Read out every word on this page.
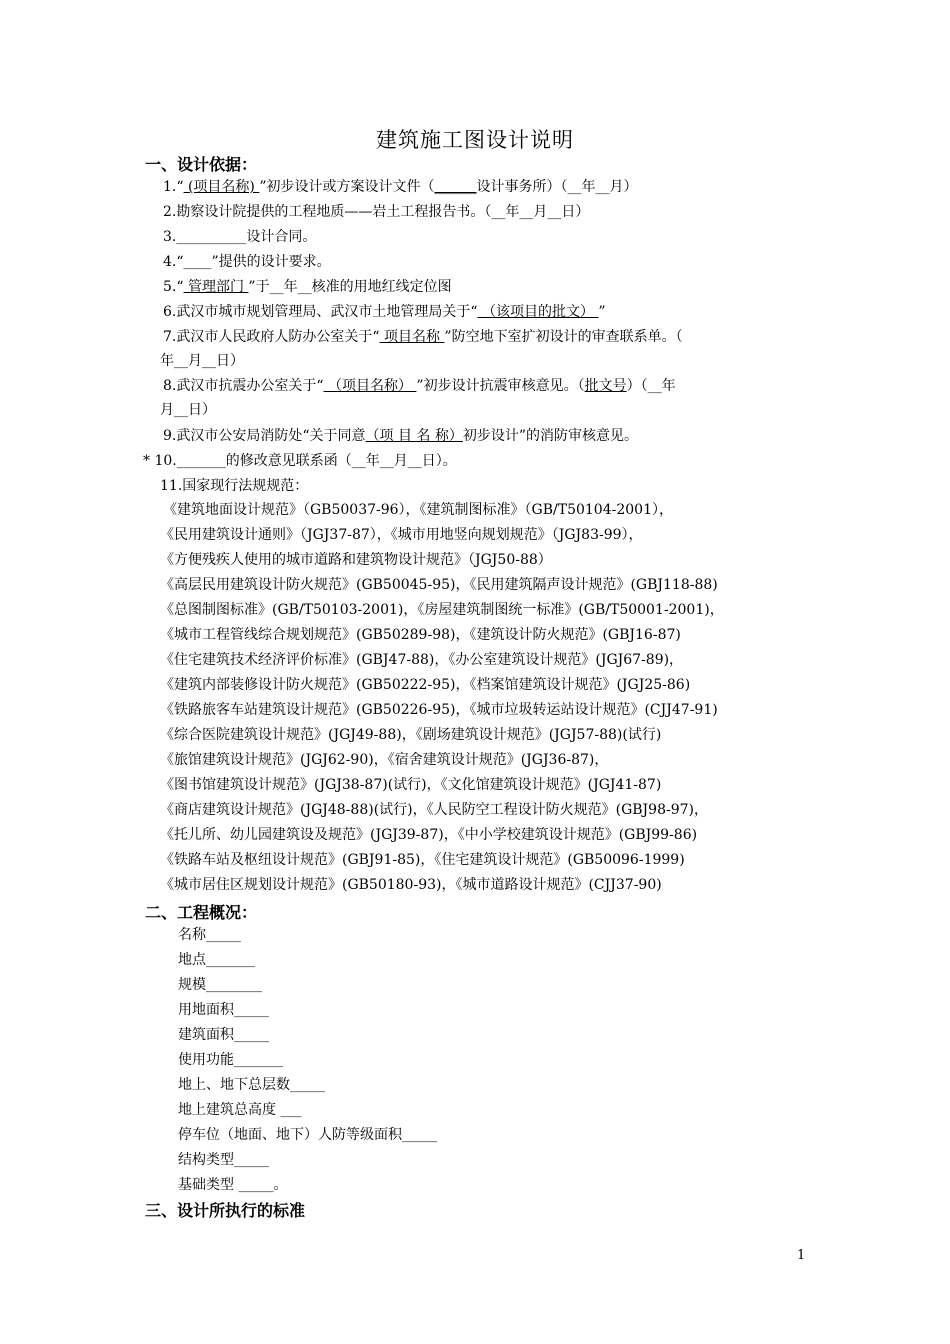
建筑施工图设计说明
一、设计依据：
1.“ (项目名称) ”初步设计或方案设计文件（______设计事务所）（__年__月）
2.勘察设计院提供的工程地质——岩土工程报告书。（__年__月__日）
3.__________设计合同。
4.“____”提供的设计要求。
5.“ 管理部门 ”于__年__核准的用地红线定位图
6.武汉市城市规划管理局、武汉市土地管理局关于“ （该项目的批文） ”
7.武汉市人民政府人防办公室关于“ 项目名称 ”防空地下室扩初设计的审查联系单。（
年__月__日）
8.武汉市抗震办公室关于“ （项目名称） ”初步设计抗震审核意见。（批文号）（__年
月__日）
9.武汉市公安局消防处“关于同意（项 目 名 称）初步设计”的消防审核意见。
* 10._______的修改意见联系函（__年__月__日）。
11.国家现行法规规范：
《建筑地面设计规范》（GB50037-96），《建筑制图标准》（GB/T50104-2001），
《民用建筑设计通则》（JGJ37-87），《城市用地竖向规划规范》（JGJ83-99），
《方便残疾人使用的城市道路和建筑物设计规范》（JGJ50-88）
《高层民用建筑设计防火规范》(GB50045-95)，《民用建筑隔声设计规范》(GBJ118-88)
《总图制图标准》(GB/T50103-2001)，《房屋建筑制图统一标准》(GB/T50001-2001)，
《城市工程管线综合规划规范》(GB50289-98)，《建筑设计防火规范》(GBJ16-87)
《住宅建筑技术经济评价标准》(GBJ47-88)，《办公室建筑设计规范》(JGJ67-89)，
《建筑内部装修设计防火规范》(GB50222-95)，《档案馆建筑设计规范》(JGJ25-86)
《铁路旅客车站建筑设计规范》(GB50226-95)，《城市垃圾转运站设计规范》(CJJ47-91)
《综合医院建筑设计规范》(JGJ49-88)，《剧场建筑设计规范》(JGJ57-88)(试行)
《旅馆建筑设计规范》(JGJ62-90)，《宿舍建筑设计规范》(JGJ36-87)，
《图书馆建筑设计规范》(JGJ38-87)(试行)，《文化馆建筑设计规范》(JGJ41-87)
《商店建筑设计规范》(JGJ48-88)(试行)，《人民防空工程设计防火规范》(GBJ98-97)，
《托儿所、幼儿园建筑设及规范》(JGJ39-87)，《中小学校建筑设计规范》(GBJ99-86)
《铁路车站及枢纽设计规范》(GBJ91-85)，《住宅建筑设计规范》(GB50096-1999)
《城市居住区规划设计规范》(GB50180-93)，《城市道路设计规范》(CJJ37-90)
二、工程概况：
名称_____
地点_______
规模________
用地面积_____
建筑面积_____
使用功能_______
地上、地下总层数_____
地上建筑总高度 ___
停车位（地面、地下）人防等级面积_____
结构类型_____
基础类型 _____。
三、设计所执行的标准
1
